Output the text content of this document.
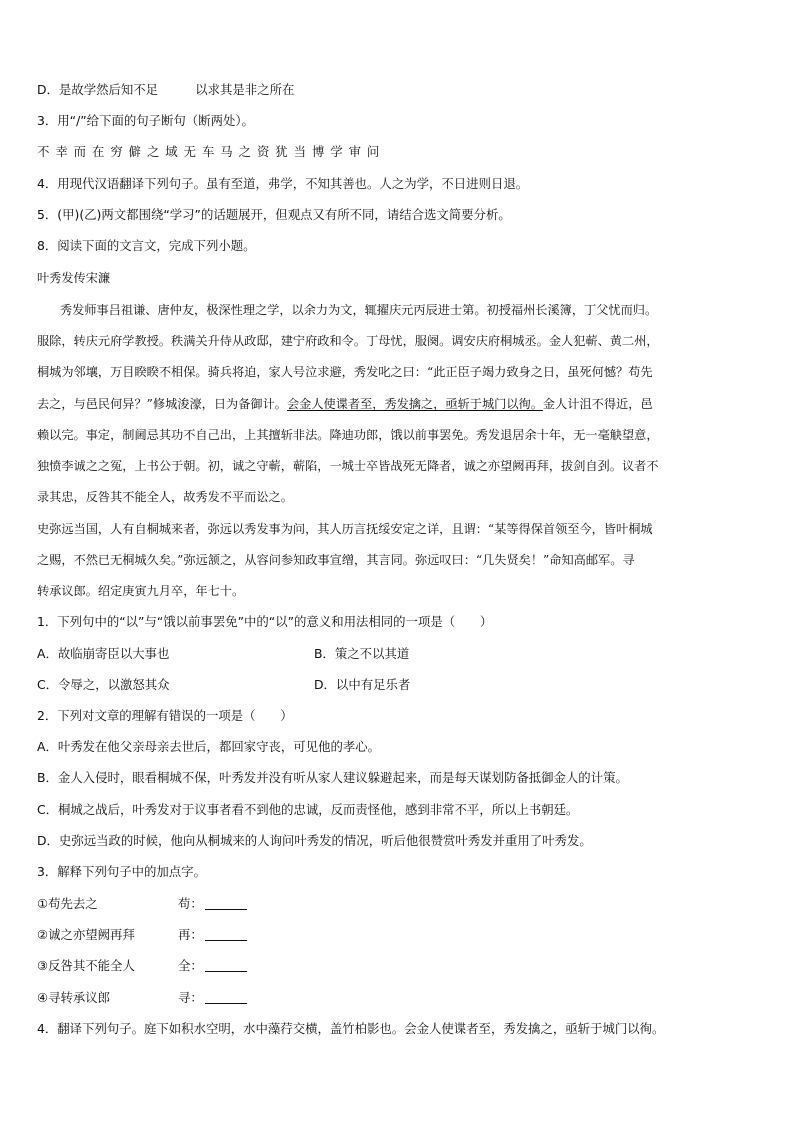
D．是故学然后知不足　　　以求其是非之所在
3．用“/”给下面的句子断句（断两处）。
不 幸 而 在 穷 僻 之 域 无 车 马 之 资 犹 当 博 学 审 问
4．用现代汉语翻译下列句子。虽有至道，弗学，不知其善也。人之为学，不日进则日退。
5．(甲)(乙)两文都围绕“学习”的话题展开，但观点又有所不同，请结合选文简要分析。
8．阅读下面的文言文，完成下列小题。
叶秀发传宋濂
秀发师事吕祖谦、唐仲友，极深性理之学，以余力为文，辄擢庆元丙辰进士第。初授福州长溪簿，丁父忧而归。
服除，转庆元府学教授。秩满关升侍从政邸，建宁府政和令。丁母忧，服阕。调安庆府桐城丞。金人犯蕲、黄二州，
桐城为邻壤，万目睽睽不相保。骑兵将迫，家人号泣求避，秀发叱之曰：“此正臣子竭力致身之日，虽死何憾？苟先
去之，与邑民何异？”修城浚濠，日为备御计。会金人使谍者至，秀发擒之，亟斩于城门以徇。金人计沮不得近，邑
赖以完。事定，制阃忌其功不自己出，上其擅斩非法。降迪功郎，饿以前事罢免。秀发退居余十年，无一毫觖望意，
独愤李诚之之冤，上书公于朝。初，诚之守蕲，蕲陷，一城士卒皆战死无降者，诚之亦望阙再拜，拔剑自刭。议者不
录其忠，反咎其不能全人，故秀发不平而讼之。
史弥远当国，人有自桐城来者，弥远以秀发事为问，其人历言抚绥安定之详，且谓：“某等得保首领至今，皆叶桐城
之赐，不然已无桐城久矣。”弥远颔之，从容问参知政事宣缯，其言同。弥远叹曰：“几失贤矣！”命知高邮军。寻
转承议郎。绍定庚寅九月卒，年七十。
1．下列句中的“以”与“饿以前事罢免”中的“以”的意义和用法相同的一项是（　　）
A．故临崩寄臣以大事也	B．策之不以其道
C．令辱之，以激怒其众	D．以中有足乐者
2．下列对文章的理解有错误的一项是（　　）
A．叶秀发在他父亲母亲去世后，都回家守丧，可见他的孝心。
B．金人入侵时，眼看桐城不保，叶秀发并没有听从家人建议躲避起来，而是每天谋划防备抵御金人的计策。
C．桐城之战后，叶秀发对于议事者看不到他的忠诚，反而责怪他，感到非常不平，所以上书朝廷。
D．史弥远当政的时候，他向从桐城来的人询问叶秀发的情况，听后他很赞赏叶秀发并重用了叶秀发。
3．解释下列句子中的加点字。
①苟先去之	苟：
②诚之亦望阙再拜	再：
③反咎其不能全人	全：
④寻转承议郎	寻：
4．翻译下列句子。庭下如积水空明，水中藻荇交横，盖竹柏影也。会金人使谍者至，秀发擒之，亟斩于城门以徇。
